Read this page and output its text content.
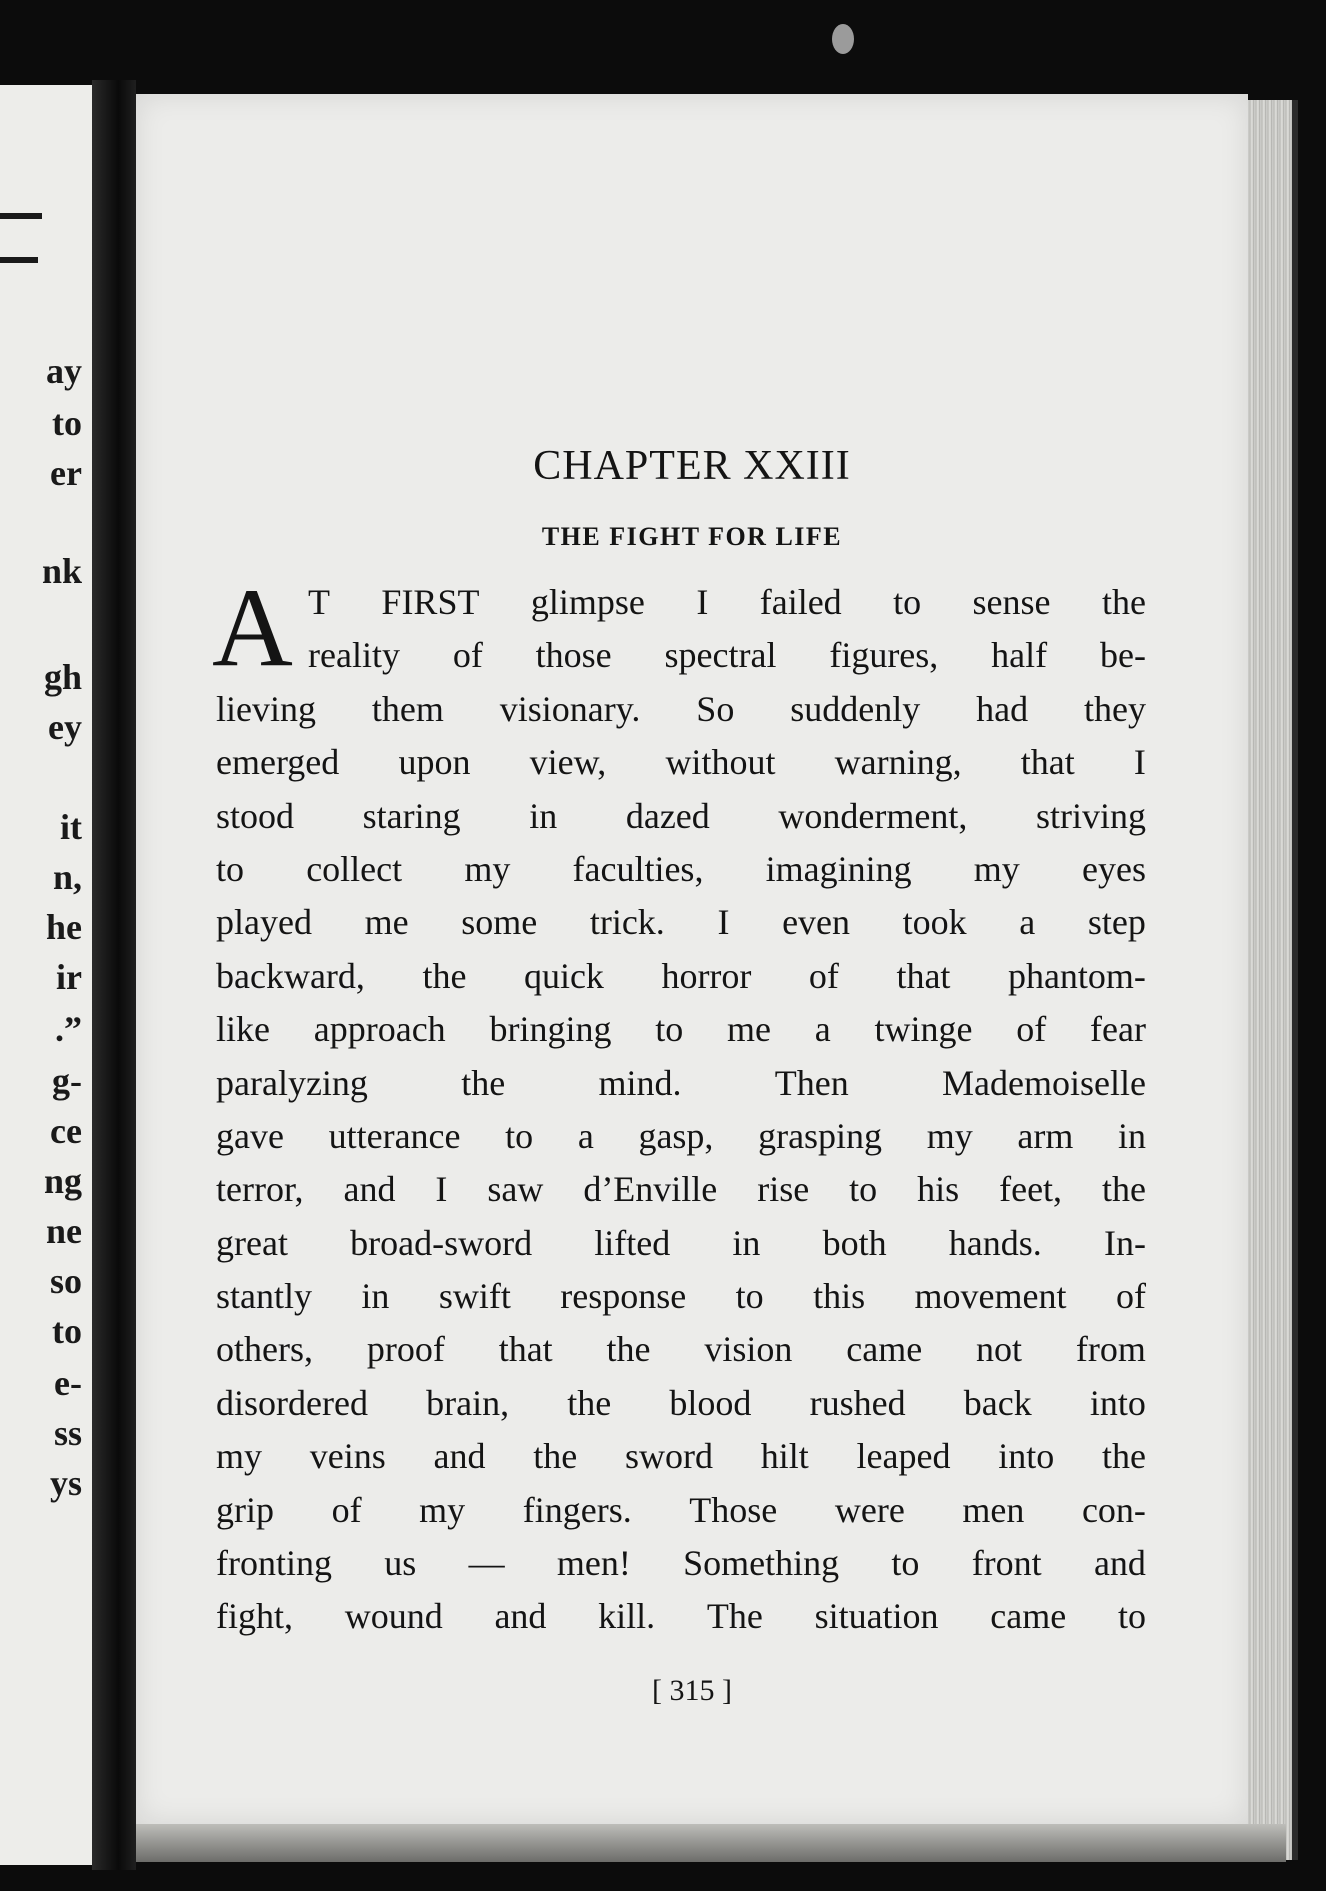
ay
to
er
nk
gh
ey
it
n,
he
ir
.”
g-
ce
ng
ne
so
to
e-
ss
ys
CHAPTER XXIII
THE FIGHT FOR LIFE
A T FIRST glimpse I failed to sense the
reality of those spectral figures, half be-
lieving them visionary. So suddenly had they
emerged upon view, without warning, that I
stood staring in dazed wonderment, striving
to collect my faculties, imagining my eyes
played me some trick. I even took a step
backward, the quick horror of that phantom-
like approach bringing to me a twinge of fear
paralyzing	the	mind.	Then	Mademoiselle
gave utterance to a gasp, grasping my arm in
terror, and I saw d’Enville rise to his feet, the
great broad-sword lifted in both hands. In-
stantly in swift response to this movement of
others, proof that the vision came not from
disordered brain, the blood rushed back into
my veins and the sword hilt leaped into the
grip of my fingers. Those were men con-
fronting us — men! Something to front and
fight, wound and kill. The situation came to
[ 315 ]
